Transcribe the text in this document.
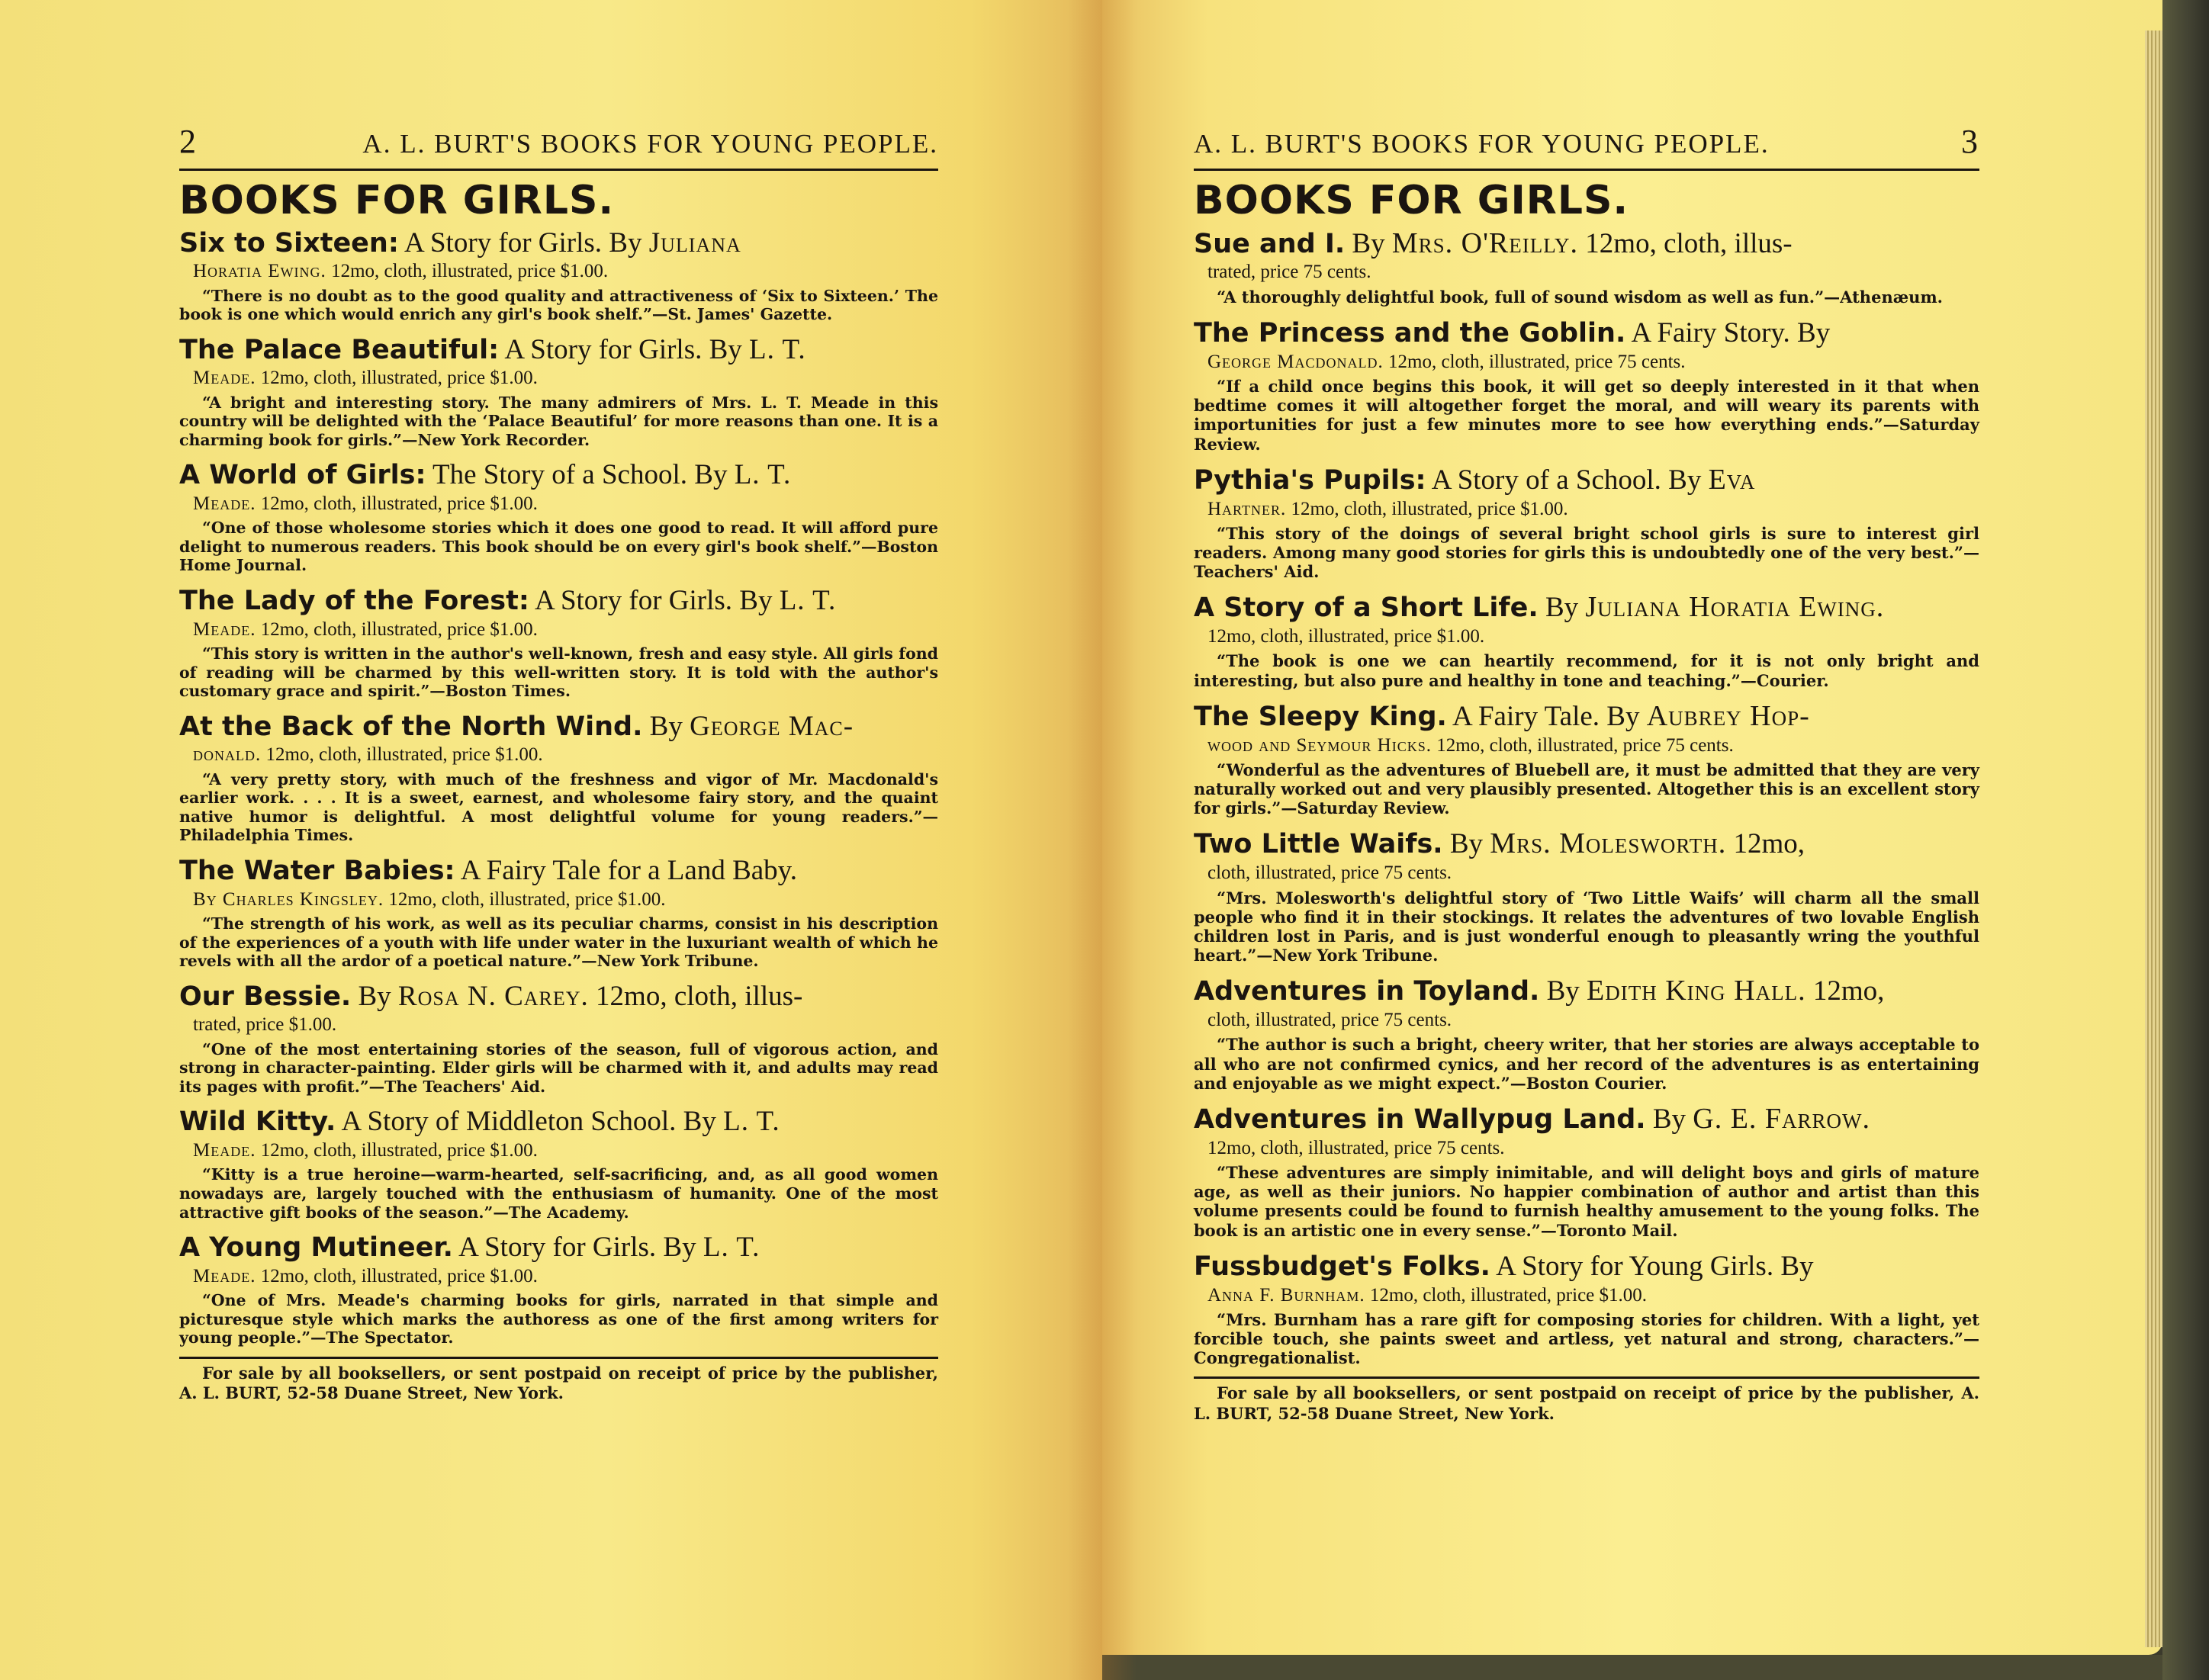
2	A. L. BURT'S BOOKS FOR YOUNG PEOPLE.
BOOKS FOR GIRLS.
Six to Sixteen: A Story for Girls. By Juliana
Horatia Ewing. 12mo, cloth, illustrated, price $1.00.
“There is no doubt as to the good quality and attractiveness of ‘Six to Sixteen.’ The book is one which would enrich any girl's book shelf.”—St. James' Gazette.
The Palace Beautiful: A Story for Girls. By L. T.
Meade. 12mo, cloth, illustrated, price $1.00.
“A bright and interesting story. The many admirers of Mrs. L. T. Meade in this country will be delighted with the ‘Palace Beautiful’ for more reasons than one. It is a charming book for girls.”—New York Recorder.
A World of Girls: The Story of a School. By L. T.
Meade. 12mo, cloth, illustrated, price $1.00.
“One of those wholesome stories which it does one good to read. It will afford pure delight to numerous readers. This book should be on every girl's book shelf.”—Boston Home Journal.
The Lady of the Forest: A Story for Girls. By L. T.
Meade. 12mo, cloth, illustrated, price $1.00.
“This story is written in the author's well-known, fresh and easy style. All girls fond of reading will be charmed by this well-written story. It is told with the author's customary grace and spirit.”—Boston Times.
At the Back of the North Wind. By George Mac-
donald. 12mo, cloth, illustrated, price $1.00.
“A very pretty story, with much of the freshness and vigor of Mr. Macdonald's earlier work. . . . It is a sweet, earnest, and wholesome fairy story, and the quaint native humor is delightful. A most delightful volume for young readers.”—Philadelphia Times.
The Water Babies: A Fairy Tale for a Land Baby.
By Charles Kingsley. 12mo, cloth, illustrated, price $1.00.
“The strength of his work, as well as its peculiar charms, consist in his description of the experiences of a youth with life under water in the luxuriant wealth of which he revels with all the ardor of a poetical nature.”—New York Tribune.
Our Bessie. By Rosa N. Carey. 12mo, cloth, illus-
trated, price $1.00.
“One of the most entertaining stories of the season, full of vigorous action, and strong in character-painting. Elder girls will be charmed with it, and adults may read its pages with profit.”—The Teachers' Aid.
Wild Kitty. A Story of Middleton School. By L. T.
Meade. 12mo, cloth, illustrated, price $1.00.
“Kitty is a true heroine—warm-hearted, self-sacrificing, and, as all good women nowadays are, largely touched with the enthusiasm of humanity. One of the most attractive gift books of the season.”—The Academy.
A Young Mutineer. A Story for Girls. By L. T.
Meade. 12mo, cloth, illustrated, price $1.00.
“One of Mrs. Meade's charming books for girls, narrated in that simple and picturesque style which marks the authoress as one of the first among writers for young people.”—The Spectator.
For sale by all booksellers, or sent postpaid on receipt of price by the publisher, A. L. BURT, 52-58 Duane Street, New York.
A. L. BURT'S BOOKS FOR YOUNG PEOPLE.	3
BOOKS FOR GIRLS.
Sue and I. By Mrs. O'Reilly. 12mo, cloth, illus-
trated, price 75 cents.
“A thoroughly delightful book, full of sound wisdom as well as fun.”—Athenæum.
The Princess and the Goblin. A Fairy Story. By
George Macdonald. 12mo, cloth, illustrated, price 75 cents.
“If a child once begins this book, it will get so deeply interested in it that when bedtime comes it will altogether forget the moral, and will weary its parents with importunities for just a few minutes more to see how everything ends.”—Saturday Review.
Pythia's Pupils: A Story of a School. By Eva
Hartner. 12mo, cloth, illustrated, price $1.00.
“This story of the doings of several bright school girls is sure to interest girl readers. Among many good stories for girls this is undoubtedly one of the very best.”—Teachers' Aid.
A Story of a Short Life. By Juliana Horatia Ewing.
12mo, cloth, illustrated, price $1.00.
“The book is one we can heartily recommend, for it is not only bright and interesting, but also pure and healthy in tone and teaching.”—Courier.
The Sleepy King. A Fairy Tale. By Aubrey Hop-
wood and Seymour Hicks. 12mo, cloth, illustrated, price 75 cents.
“Wonderful as the adventures of Bluebell are, it must be admitted that they are very naturally worked out and very plausibly presented. Altogether this is an excellent story for girls.”—Saturday Review.
Two Little Waifs. By Mrs. Molesworth. 12mo,
cloth, illustrated, price 75 cents.
“Mrs. Molesworth's delightful story of ‘Two Little Waifs’ will charm all the small people who find it in their stockings. It relates the adventures of two lovable English children lost in Paris, and is just wonderful enough to pleasantly wring the youthful heart.”—New York Tribune.
Adventures in Toyland. By Edith King Hall. 12mo,
cloth, illustrated, price 75 cents.
“The author is such a bright, cheery writer, that her stories are always acceptable to all who are not confirmed cynics, and her record of the adventures is as entertaining and enjoyable as we might expect.”—Boston Courier.
Adventures in Wallypug Land. By G. E. Farrow.
12mo, cloth, illustrated, price 75 cents.
“These adventures are simply inimitable, and will delight boys and girls of mature age, as well as their juniors. No happier combination of author and artist than this volume presents could be found to furnish healthy amusement to the young folks. The book is an artistic one in every sense.”—Toronto Mail.
Fussbudget's Folks. A Story for Young Girls. By
Anna F. Burnham. 12mo, cloth, illustrated, price $1.00.
“Mrs. Burnham has a rare gift for composing stories for children. With a light, yet forcible touch, she paints sweet and artless, yet natural and strong, characters.”—Congregationalist.
For sale by all booksellers, or sent postpaid on receipt of price by the publisher, A. L. BURT, 52-58 Duane Street, New York.
